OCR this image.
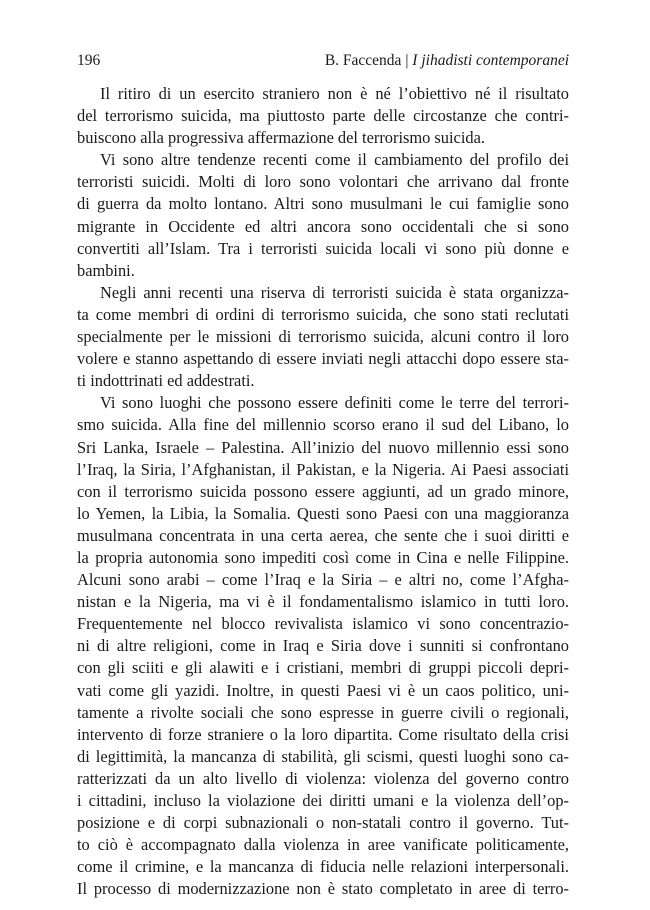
196	B. Faccenda | I jihadisti contemporanei
Il ritiro di un esercito straniero non è né l’obiettivo né il risultato
del terrorismo suicida, ma piuttosto parte delle circostanze che contri-
buiscono alla progressiva affermazione del terrorismo suicida.
Vi sono altre tendenze recenti come il cambiamento del profilo dei
terroristi suicidi. Molti di loro sono volontari che arrivano dal fronte
di guerra da molto lontano. Altri sono musulmani le cui famiglie sono
migrante in Occidente ed altri ancora sono occidentali che si sono
convertiti all’Islam. Tra i terroristi suicida locali vi sono più donne e
bambini.
Negli anni recenti una riserva di terroristi suicida è stata organizza-
ta come membri di ordini di terrorismo suicida, che sono stati reclutati
specialmente per le missioni di terrorismo suicida, alcuni contro il loro
volere e stanno aspettando di essere inviati negli attacchi dopo essere sta-
ti indottrinati ed addestrati.
Vi sono luoghi che possono essere definiti come le terre del terrori-
smo suicida. Alla fine del millennio scorso erano il sud del Libano, lo
Sri Lanka, Israele – Palestina. All’inizio del nuovo millennio essi sono
l’Iraq, la Siria, l’Afghanistan, il Pakistan, e la Nigeria. Ai Paesi associati
con il terrorismo suicida possono essere aggiunti, ad un grado minore,
lo Yemen, la Libia, la Somalia. Questi sono Paesi con una maggioranza
musulmana concentrata in una certa aerea, che sente che i suoi diritti e
la propria autonomia sono impediti così come in Cina e nelle Filippine.
Alcuni sono arabi – come l’Iraq e la Siria – e altri no, come l’Afgha-
nistan e la Nigeria, ma vi è il fondamentalismo islamico in tutti loro.
Frequentemente nel blocco revivalista islamico vi sono concentrazio-
ni di altre religioni, come in Iraq e Siria dove i sunniti si confrontano
con gli sciiti e gli alawiti e i cristiani, membri di gruppi piccoli depri-
vati come gli yazidi. Inoltre, in questi Paesi vi è un caos politico, uni-
tamente a rivolte sociali che sono espresse in guerre civili o regionali,
intervento di forze straniere o la loro dipartita. Come risultato della crisi
di legittimità, la mancanza di stabilità, gli scismi, questi luoghi sono ca-
ratterizzati da un alto livello di violenza: violenza del governo contro
i cittadini, incluso la violazione dei diritti umani e la violenza dell’op-
posizione e di corpi subnazionali o non-statali contro il governo. Tut-
to ciò è accompagnato dalla violenza in aree vanificate politicamente,
come il crimine, e la mancanza di fiducia nelle relazioni interpersonali.
Il processo di modernizzazione non è stato completato in aree di terro-
